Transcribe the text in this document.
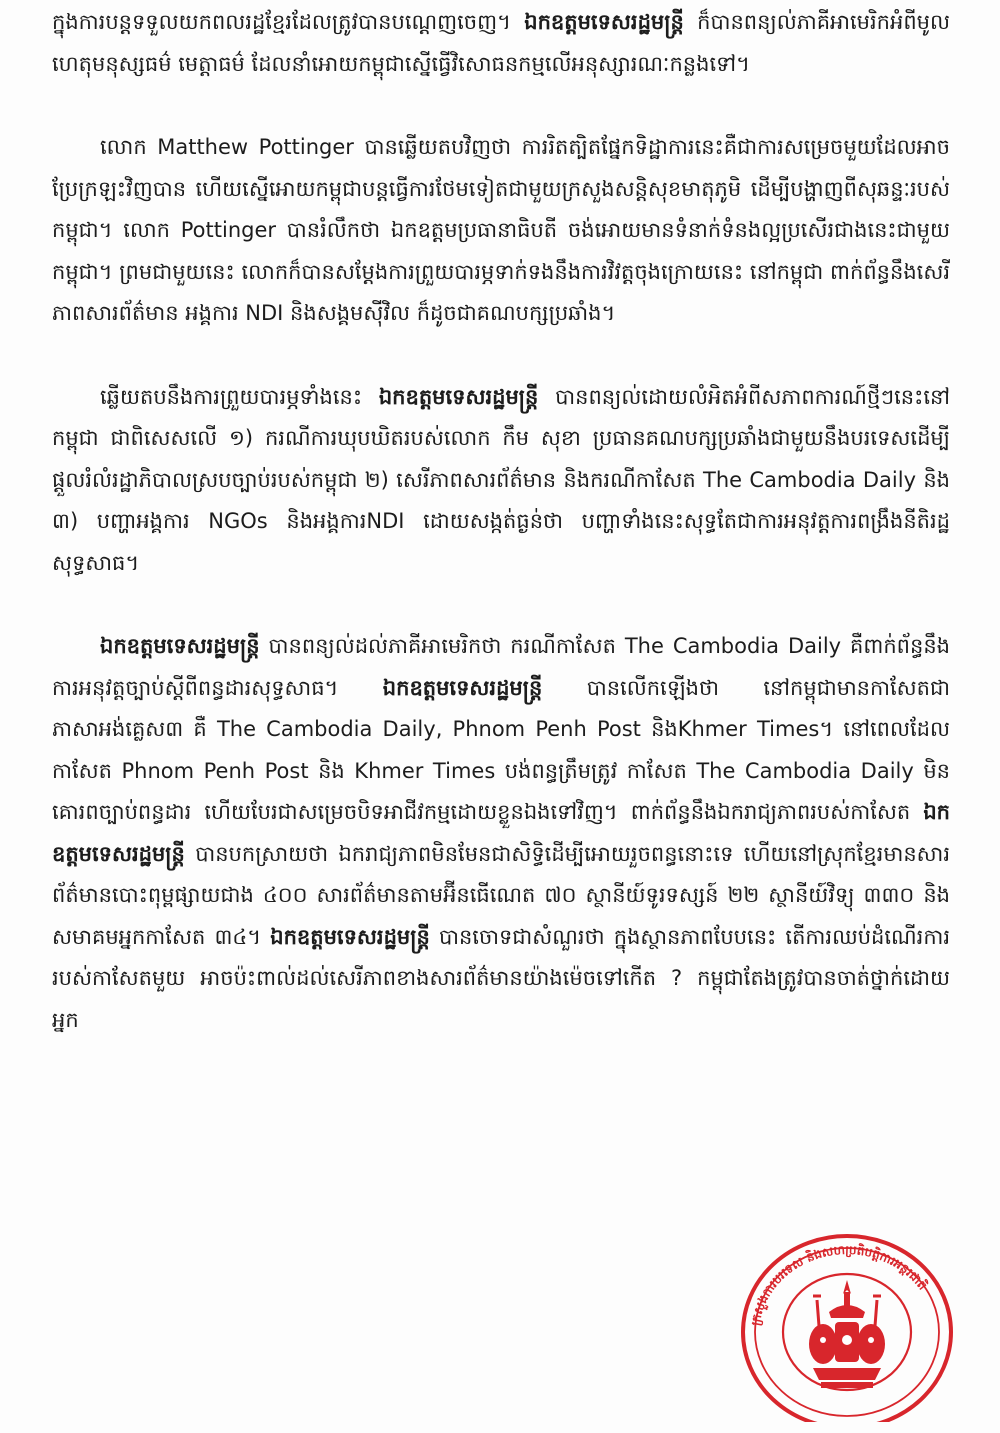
ក្នុងការបន្តទទួលយកពលរដ្ឋខ្មែរដែលត្រូវបានបណ្តេញចេញ។ ឯកឧត្តមទេសរដ្ឋមន្ត្រី ក៏បានពន្យល់ភាគីអាមេរិកអំពីមូលហេតុមនុស្សធម៌ មេត្តាធម៌ ដែលនាំអោយកម្ពុជាស្នើធ្វើវិសោធនកម្មលើអនុស្សារណៈកន្លងទៅ។

លោក Matthew Pottinger បានឆ្លើយតបវិញថា ការរិតត្បិតផ្នែកទិដ្ឋាការនេះគឺជាការសម្រេចមួយដែលអាចប្រែក្រឡះវិញបាន ហើយស្នើអោយកម្ពុជាបន្តធ្វើការថែមទៀតជាមួយក្រសួងសន្តិសុខមាតុភូមិ ដើម្បីបង្ហាញពីសុឆន្ទៈរបស់កម្ពុជា។ លោក Pottinger បានរំលឹកថា ឯកឧត្តមប្រធានាធិបតី ចង់អោយមានទំនាក់ទំនងល្អប្រសើរជាងនេះជាមួយកម្ពុជា។ ព្រមជាមួយនេះ លោកក៏បានសម្តែងការព្រួយបារម្ភទាក់ទងនឹងការវិវត្តចុងក្រោយនេះ នៅកម្ពុជា ពាក់ព័ន្ធនឹងសេរីភាពសារព័ត៌មាន អង្គការ NDI និងសង្គមស៊ីវិល ក៏ដូចជាគណបក្សប្រឆាំង។

ឆ្លើយតបនឹងការព្រួយបារម្ភទាំងនេះ ឯកឧត្តមទេសរដ្ឋមន្ត្រី បានពន្យល់ដោយលំអិតអំពីសភាពការណ៍ថ្មីៗនេះនៅកម្ពុជា ជាពិសេសលើ ១) ករណីការឃុបឃិតរបស់លោក កឹម សុខា ប្រធានគណបក្សប្រឆាំងជាមួយនឹងបរទេសដើម្បីផ្តួលរំលំរដ្ឋាភិបាលស្របច្បាប់របស់កម្ពុជា ២) សេរីភាពសារព័ត៌មាន និងករណីកាសែត The Cambodia Daily និង ៣) បញ្ហាអង្គការ NGOs និងអង្គការNDI ដោយសង្កត់ធ្ងន់ថា បញ្ហាទាំងនេះសុទ្ធតែជាការអនុវត្តការពង្រឹងនីតិរដ្ឋសុទ្ធសាធ។

ឯកឧត្តមទេសរដ្ឋមន្ត្រី បានពន្យល់ដល់ភាគីអាមេរិកថា ករណីកាសែត The Cambodia Daily គឺពាក់ព័ន្ធនឹងការអនុវត្តច្បាប់ស្តីពីពន្ធដារសុទ្ធសាធ។ ឯកឧត្តមទេសរដ្ឋមន្ត្រី បានលើកឡើងថា នៅកម្ពុជាមានកាសែតជាភាសាអង់គ្លេស៣ គឺ The Cambodia Daily, Phnom Penh Post និងKhmer Times។ នៅពេលដែលកាសែត Phnom Penh Post និង Khmer Times បង់ពន្ធត្រឹមត្រូវ កាសែត The Cambodia Daily មិនគោរពច្បាប់ពន្ធដារ ហើយបែរជាសម្រេចបិទអាជីវកម្មដោយខ្លួនឯងទៅវិញ។ ពាក់ព័ន្ធនឹងឯករាជ្យភាពរបស់កាសែត ឯកឧត្តមទេសរដ្ឋមន្ត្រី បានបកស្រាយថា ឯករាជ្យភាពមិនមែនជាសិទ្ធិដើម្បីអោយរួចពន្ធនោះទេ ហើយនៅស្រុកខ្មែរមានសារព័ត៌មានបោះពុម្ពផ្សាយជាង ៤០០ សារព័ត៌មានតាមអ៊ីនធើណេត ៧០ ស្ថានីយ៍ទូរទស្សន៍ ២២ ស្ថានីយ៍វិទ្យុ ៣៣០ និងសមាគមអ្នកកាសែត ៣៤។ ឯកឧត្តមទេសរដ្ឋមន្ត្រី បានចោទជាសំណួរថា ក្នុងស្ថានភាពបែបនេះ តើការឈប់ដំណើរការរបស់កាសែតមួយ អាចប៉ះពាល់ដល់សេរីភាពខាងសារព័ត៌មានយ៉ាងម៉េចទៅកើត ? កម្ពុជាតែងត្រូវបានចាត់ថ្នាក់ដោយអ្នក

ក្រសួងការបរទេស និងសហប្រតិបត្តិការអន្តរជាតិ
